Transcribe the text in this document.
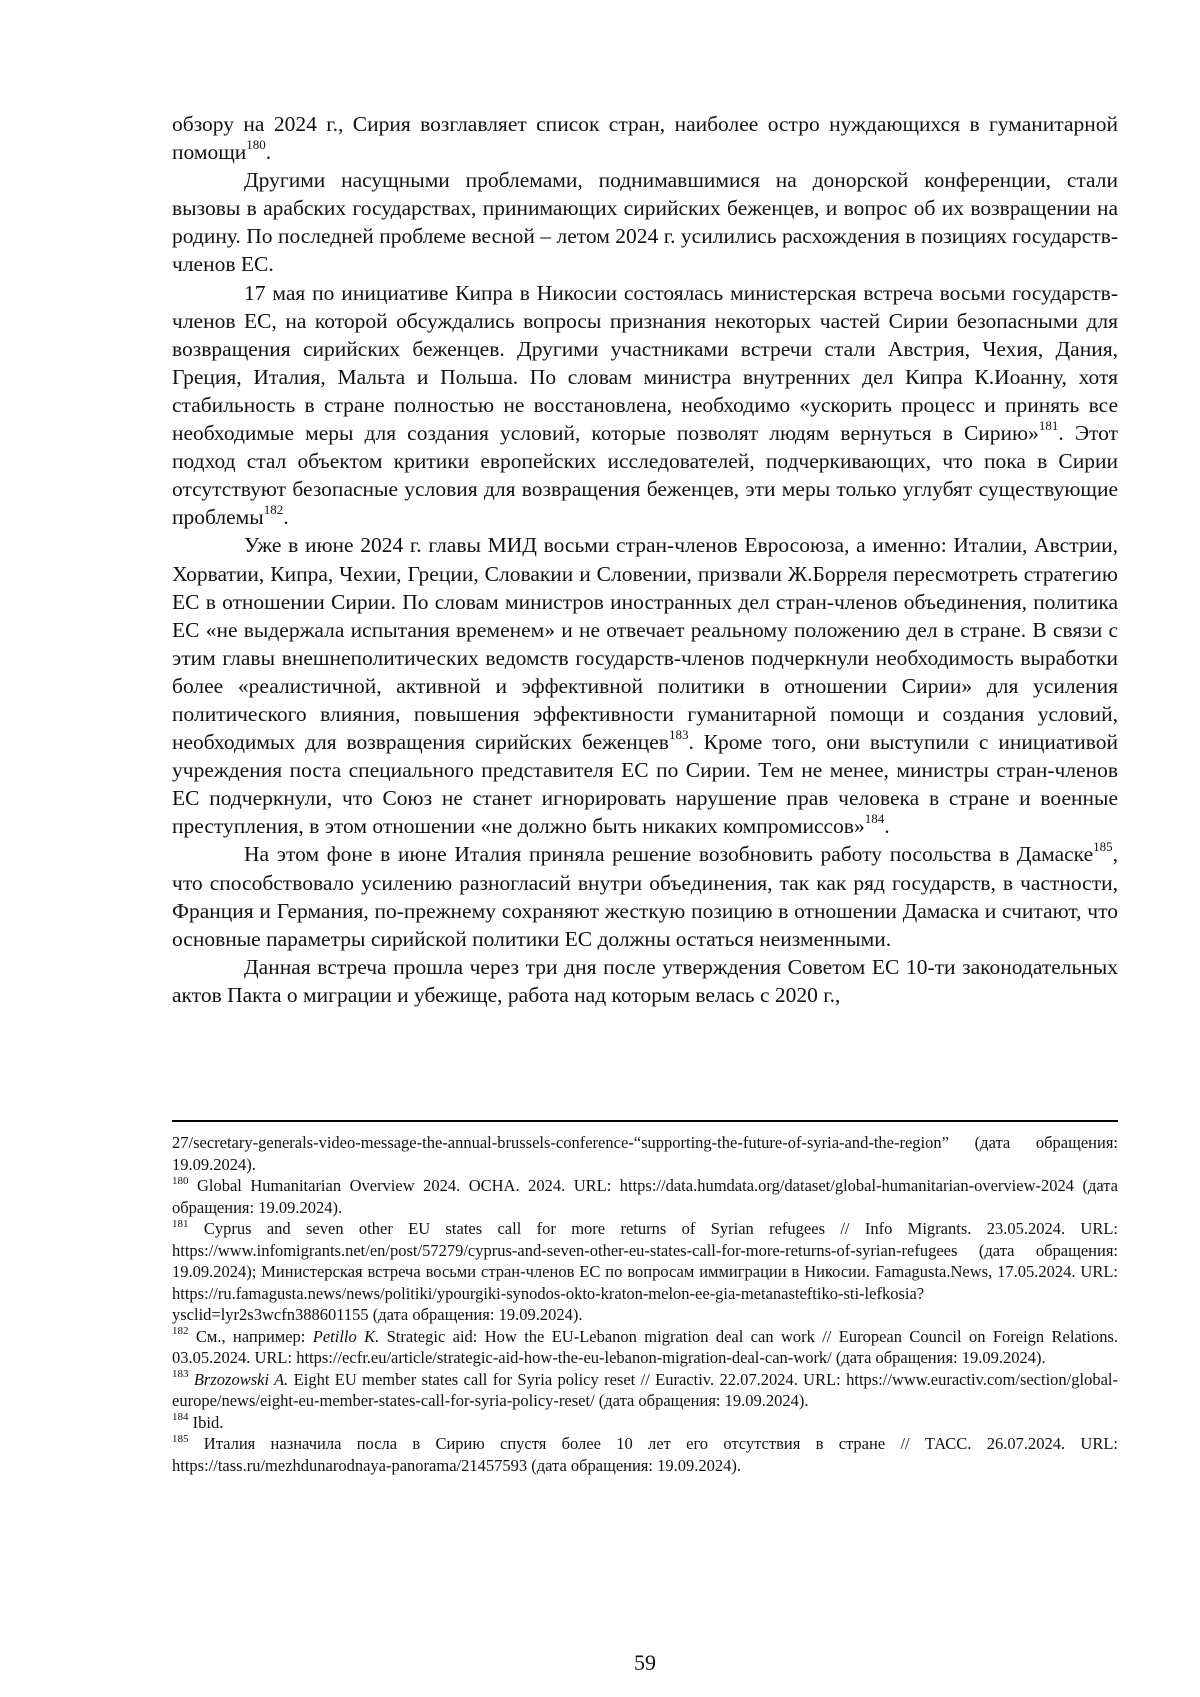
обзору на 2024 г., Сирия возглавляет список стран, наиболее остро нуждающихся в гуманитарной помощи$^{180}$.

Другими насущными проблемами, поднимавшимися на донорской конференции, стали вызовы в арабских государствах, принимающих сирийских беженцев, и вопрос об их возвращении на родину. По последней проблеме весной – летом 2024 г. усилились расхождения в позициях государств-членов ЕС.

17 мая по инициативе Кипра в Никосии состоялась министерская встреча восьми государств-членов ЕС, на которой обсуждались вопросы признания некоторых частей Сирии безопасными для возвращения сирийских беженцев. Другими участниками встречи стали Австрия, Чехия, Дания, Греция, Италия, Мальта и Польша. По словам министра внутренних дел Кипра К.Иоанну, хотя стабильность в стране полностью не восстановлена, необходимо «ускорить процесс и принять все необходимые меры для создания условий, которые позволят людям вернуться в Сирию»$^{181}$. Этот подход стал объектом критики европейских исследователей, подчеркивающих, что пока в Сирии отсутствуют безопасные условия для возвращения беженцев, эти меры только углубят существующие проблемы$^{182}$.

Уже в июне 2024 г. главы МИД восьми стран-членов Евросоюза, а именно: Италии, Австрии, Хорватии, Кипра, Чехии, Греции, Словакии и Словении, призвали Ж.Борреля пересмотреть стратегию ЕС в отношении Сирии. По словам министров иностранных дел стран-членов объединения, политика ЕС «не выдержала испытания временем» и не отвечает реальному положению дел в стране. В связи с этим главы внешнеполитических ведомств государств-членов подчеркнули необходимость выработки более «реалистичной, активной и эффективной политики в отношении Сирии» для усиления политического влияния, повышения эффективности гуманитарной помощи и создания условий, необходимых для возвращения сирийских беженцев$^{183}$. Кроме того, они выступили с инициативой учреждения поста специального представителя ЕС по Сирии. Тем не менее, министры стран-членов ЕС подчеркнули, что Союз не станет игнорировать нарушение прав человека в стране и военные преступления, в этом отношении «не должно быть никаких компромиссов»$^{184}$.

На этом фоне в июне Италия приняла решение возобновить работу посольства в Дамаске$^{185}$, что способствовало усилению разногласий внутри объединения, так как ряд государств, в частности, Франция и Германия, по-прежнему сохраняют жесткую позицию в отношении Дамаска и считают, что основные параметры сирийской политики ЕС должны остаться неизменными.

Данная встреча прошла через три дня после утверждения Советом ЕС 10-ти законодательных актов Пакта о миграции и убежище, работа над которым велась с 2020 г.,

27/secretary-generals-video-message-the-annual-brussels-conference-“supporting-the-future-of-syria-and-the-region” (дата обращения: 19.09.2024).

$^{180}$ Global Humanitarian Overview 2024. OCHA. 2024. URL: https://data.humdata.org/dataset/global-humanitarian-overview-2024 (дата обращения: 19.09.2024).

$^{181}$ Cyprus and seven other EU states call for more returns of Syrian refugees // Info Migrants. 23.05.2024. URL: https://www.infomigrants.net/en/post/57279/cyprus-and-seven-other-eu-states-call-for-more-returns-of-syrian-refugees (дата обращения: 19.09.2024); Министерская встреча восьми стран-членов ЕС по вопросам иммиграции в Никосии. Famagusta.News, 17.05.2024. URL: https://ru.famagusta.news/news/politiki/ypourgiki-synodos-okto-kraton-melon-ee-gia-metanasteftiko-sti-lefkosia?ysclid=lyr2s3wcfn388601155 (дата обращения: 19.09.2024).

$^{182}$ См., например: Petillo K. Strategic aid: How the EU-Lebanon migration deal can work // European Council on Foreign Relations. 03.05.2024. URL: https://ecfr.eu/article/strategic-aid-how-the-eu-lebanon-migration-deal-can-work/ (дата обращения: 19.09.2024).

$^{183}$ Brzozowski A. Eight EU member states call for Syria policy reset // Euractiv. 22.07.2024. URL: https://www.euractiv.com/section/global-europe/news/eight-eu-member-states-call-for-syria-policy-reset/ (дата обращения: 19.09.2024).

$^{184}$ Ibid.

$^{185}$ Италия назначила посла в Сирию спустя более 10 лет его отсутствия в стране // ТАСС. 26.07.2024. URL: https://tass.ru/mezhdunarodnaya-panorama/21457593 (дата обращения: 19.09.2024).

59
